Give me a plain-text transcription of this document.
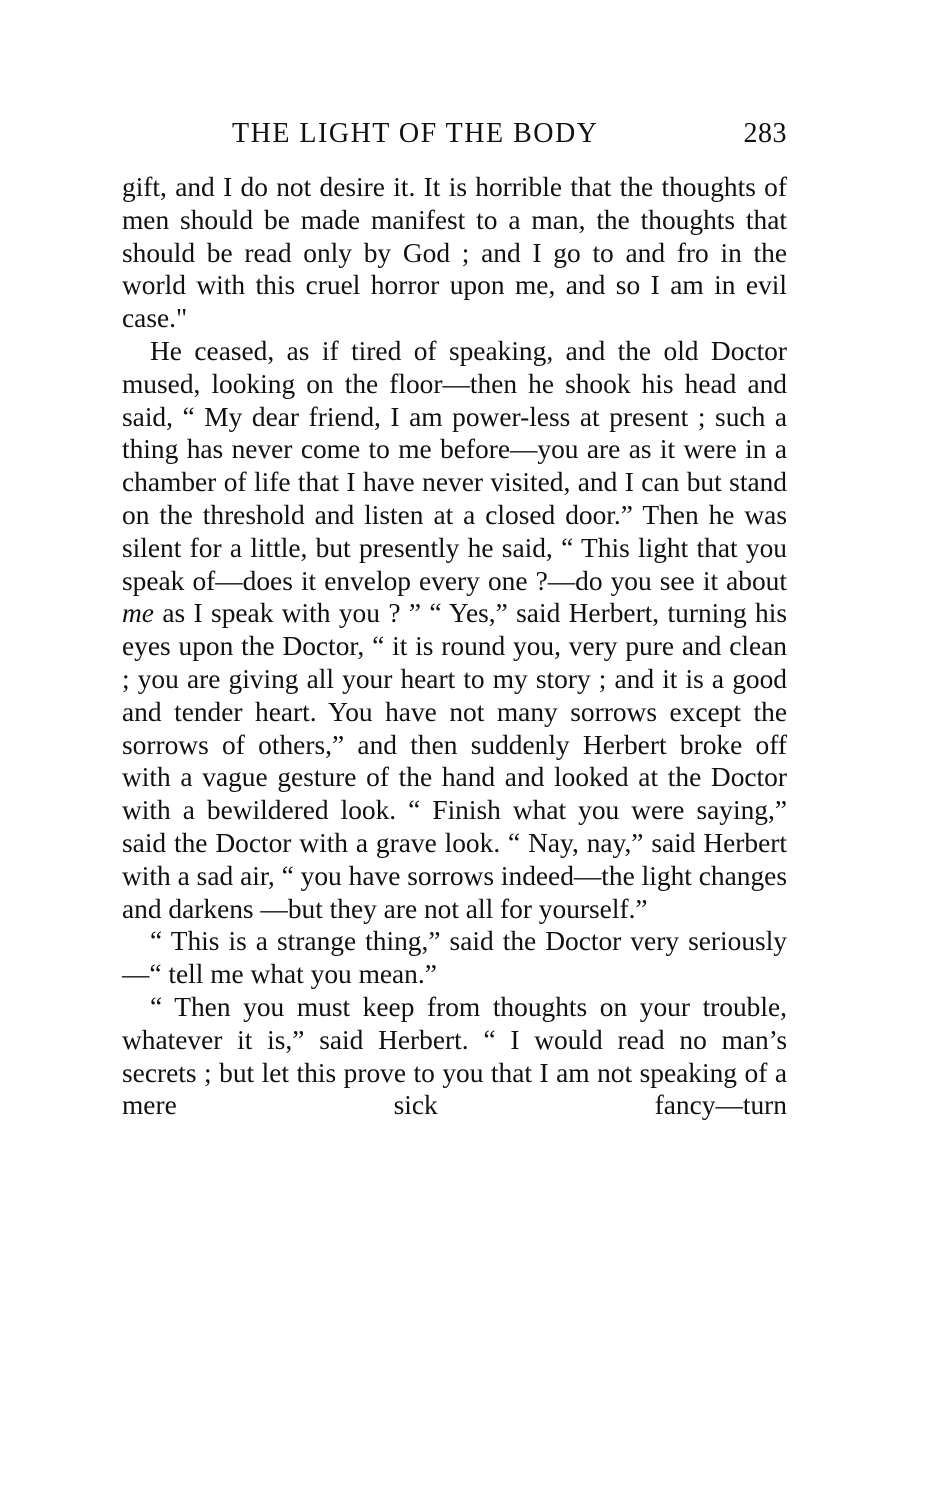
THE LIGHT OF THE BODY	283

gift, and I do not desire it. It is horrible that the thoughts of men should be made manifest to a man, the thoughts that should be read only by God ; and I go to and fro in the world with this cruel horror upon me, and so I am in evil case."

He ceased, as if tired of speaking, and the old Doctor mused, looking on the floor—then he shook his head and said, “ My dear friend, I am power-less at present ; such a thing has never come to me before—you are as it were in a chamber of life that I have never visited, and I can but stand on the threshold and listen at a closed door.” Then he was silent for a little, but presently he said, “ This light that you speak of—does it envelop every one ?—do you see it about me as I speak with you ? ” “ Yes,” said Herbert, turning his eyes upon the Doctor, “ it is round you, very pure and clean ; you are giving all your heart to my story ; and it is a good and tender heart. You have not many sorrows except the sorrows of others,” and then suddenly Herbert broke off with a vague gesture of the hand and looked at the Doctor with a bewildered look. “ Finish what you were saying,” said the Doctor with a grave look. “ Nay, nay,” said Herbert with a sad air, “ you have sorrows indeed—the light changes and darkens —but they are not all for yourself.”

“ This is a strange thing,” said the Doctor very seriously—“ tell me what you mean.”

“ Then you must keep from thoughts on your trouble, whatever it is,” said Herbert. “ I would read no man’s secrets ; but let this prove to you that I am not speaking of a mere sick fancy—turn
